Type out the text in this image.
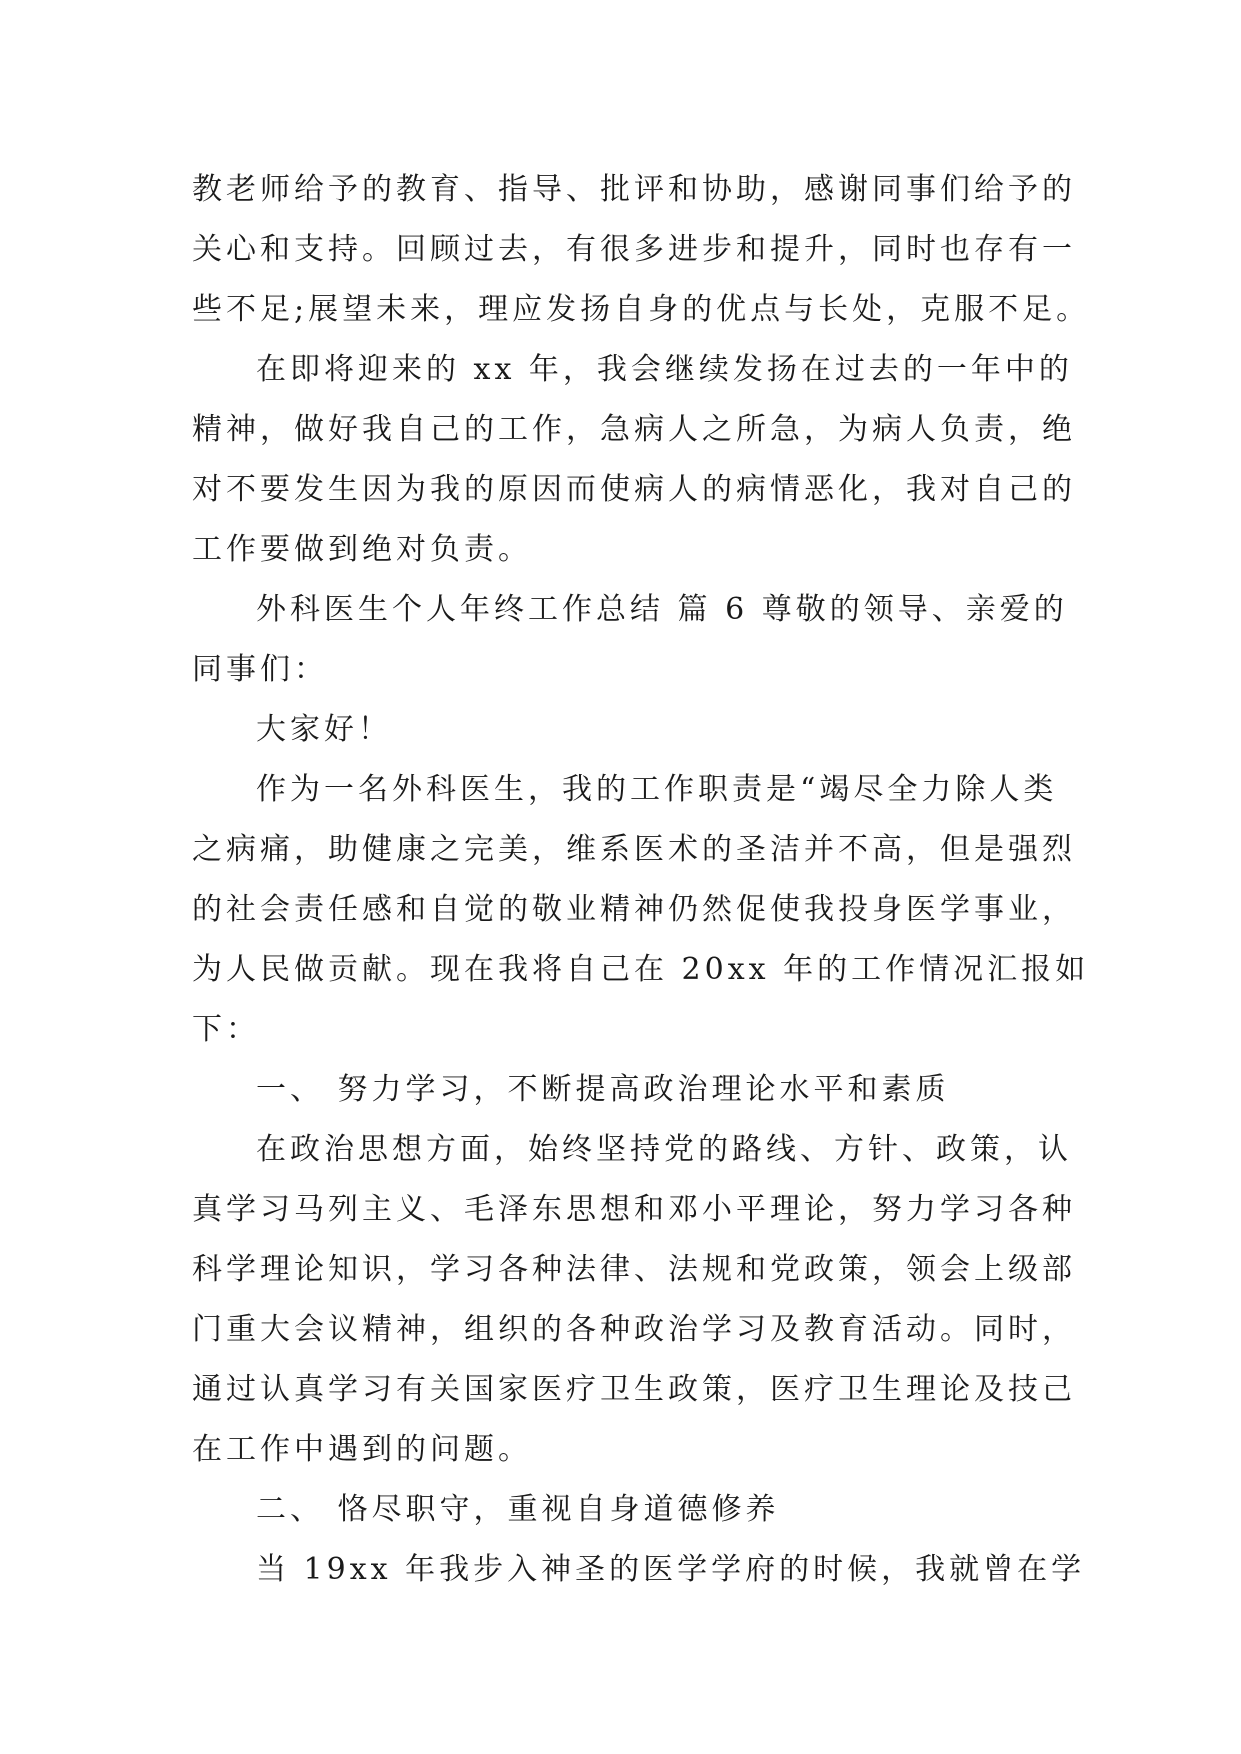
教老师给予的教育、指导、批评和协助，感谢同事们给予的
关心和支持。回顾过去，有很多进步和提升，同时也存有一
些不足;展望未来，理应发扬自身的优点与长处，克服不足。
在即将迎来的 xx 年，我会继续发扬在过去的一年中的
精神，做好我自己的工作，急病人之所急，为病人负责，绝
对不要发生因为我的原因而使病人的病情恶化，我对自己的
工作要做到绝对负责。
外科医生个人年终工作总结 篇 6 尊敬的领导、亲爱的
同事们：
大家好！
作为一名外科医生，我的工作职责是“竭尽全力除人类
之病痛，助健康之完美，维系医术的圣洁并不高，但是强烈
的社会责任感和自觉的敬业精神仍然促使我投身医学事业，
为人民做贡献。现在我将自己在 20xx 年的工作情况汇报如
下：
一、 努力学习，不断提高政治理论水平和素质
在政治思想方面，始终坚持党的路线、方针、政策，认
真学习马列主义、毛泽东思想和邓小平理论，努力学习各种
科学理论知识，学习各种法律、法规和党政策，领会上级部
门重大会议精神，组织的各种政治学习及教育活动。同时，
通过认真学习有关国家医疗卫生政策，医疗卫生理论及技己
在工作中遇到的问题。
二、 恪尽职守，重视自身道德修养
当 19xx 年我步入神圣的医学学府的时候，我就曾在学
